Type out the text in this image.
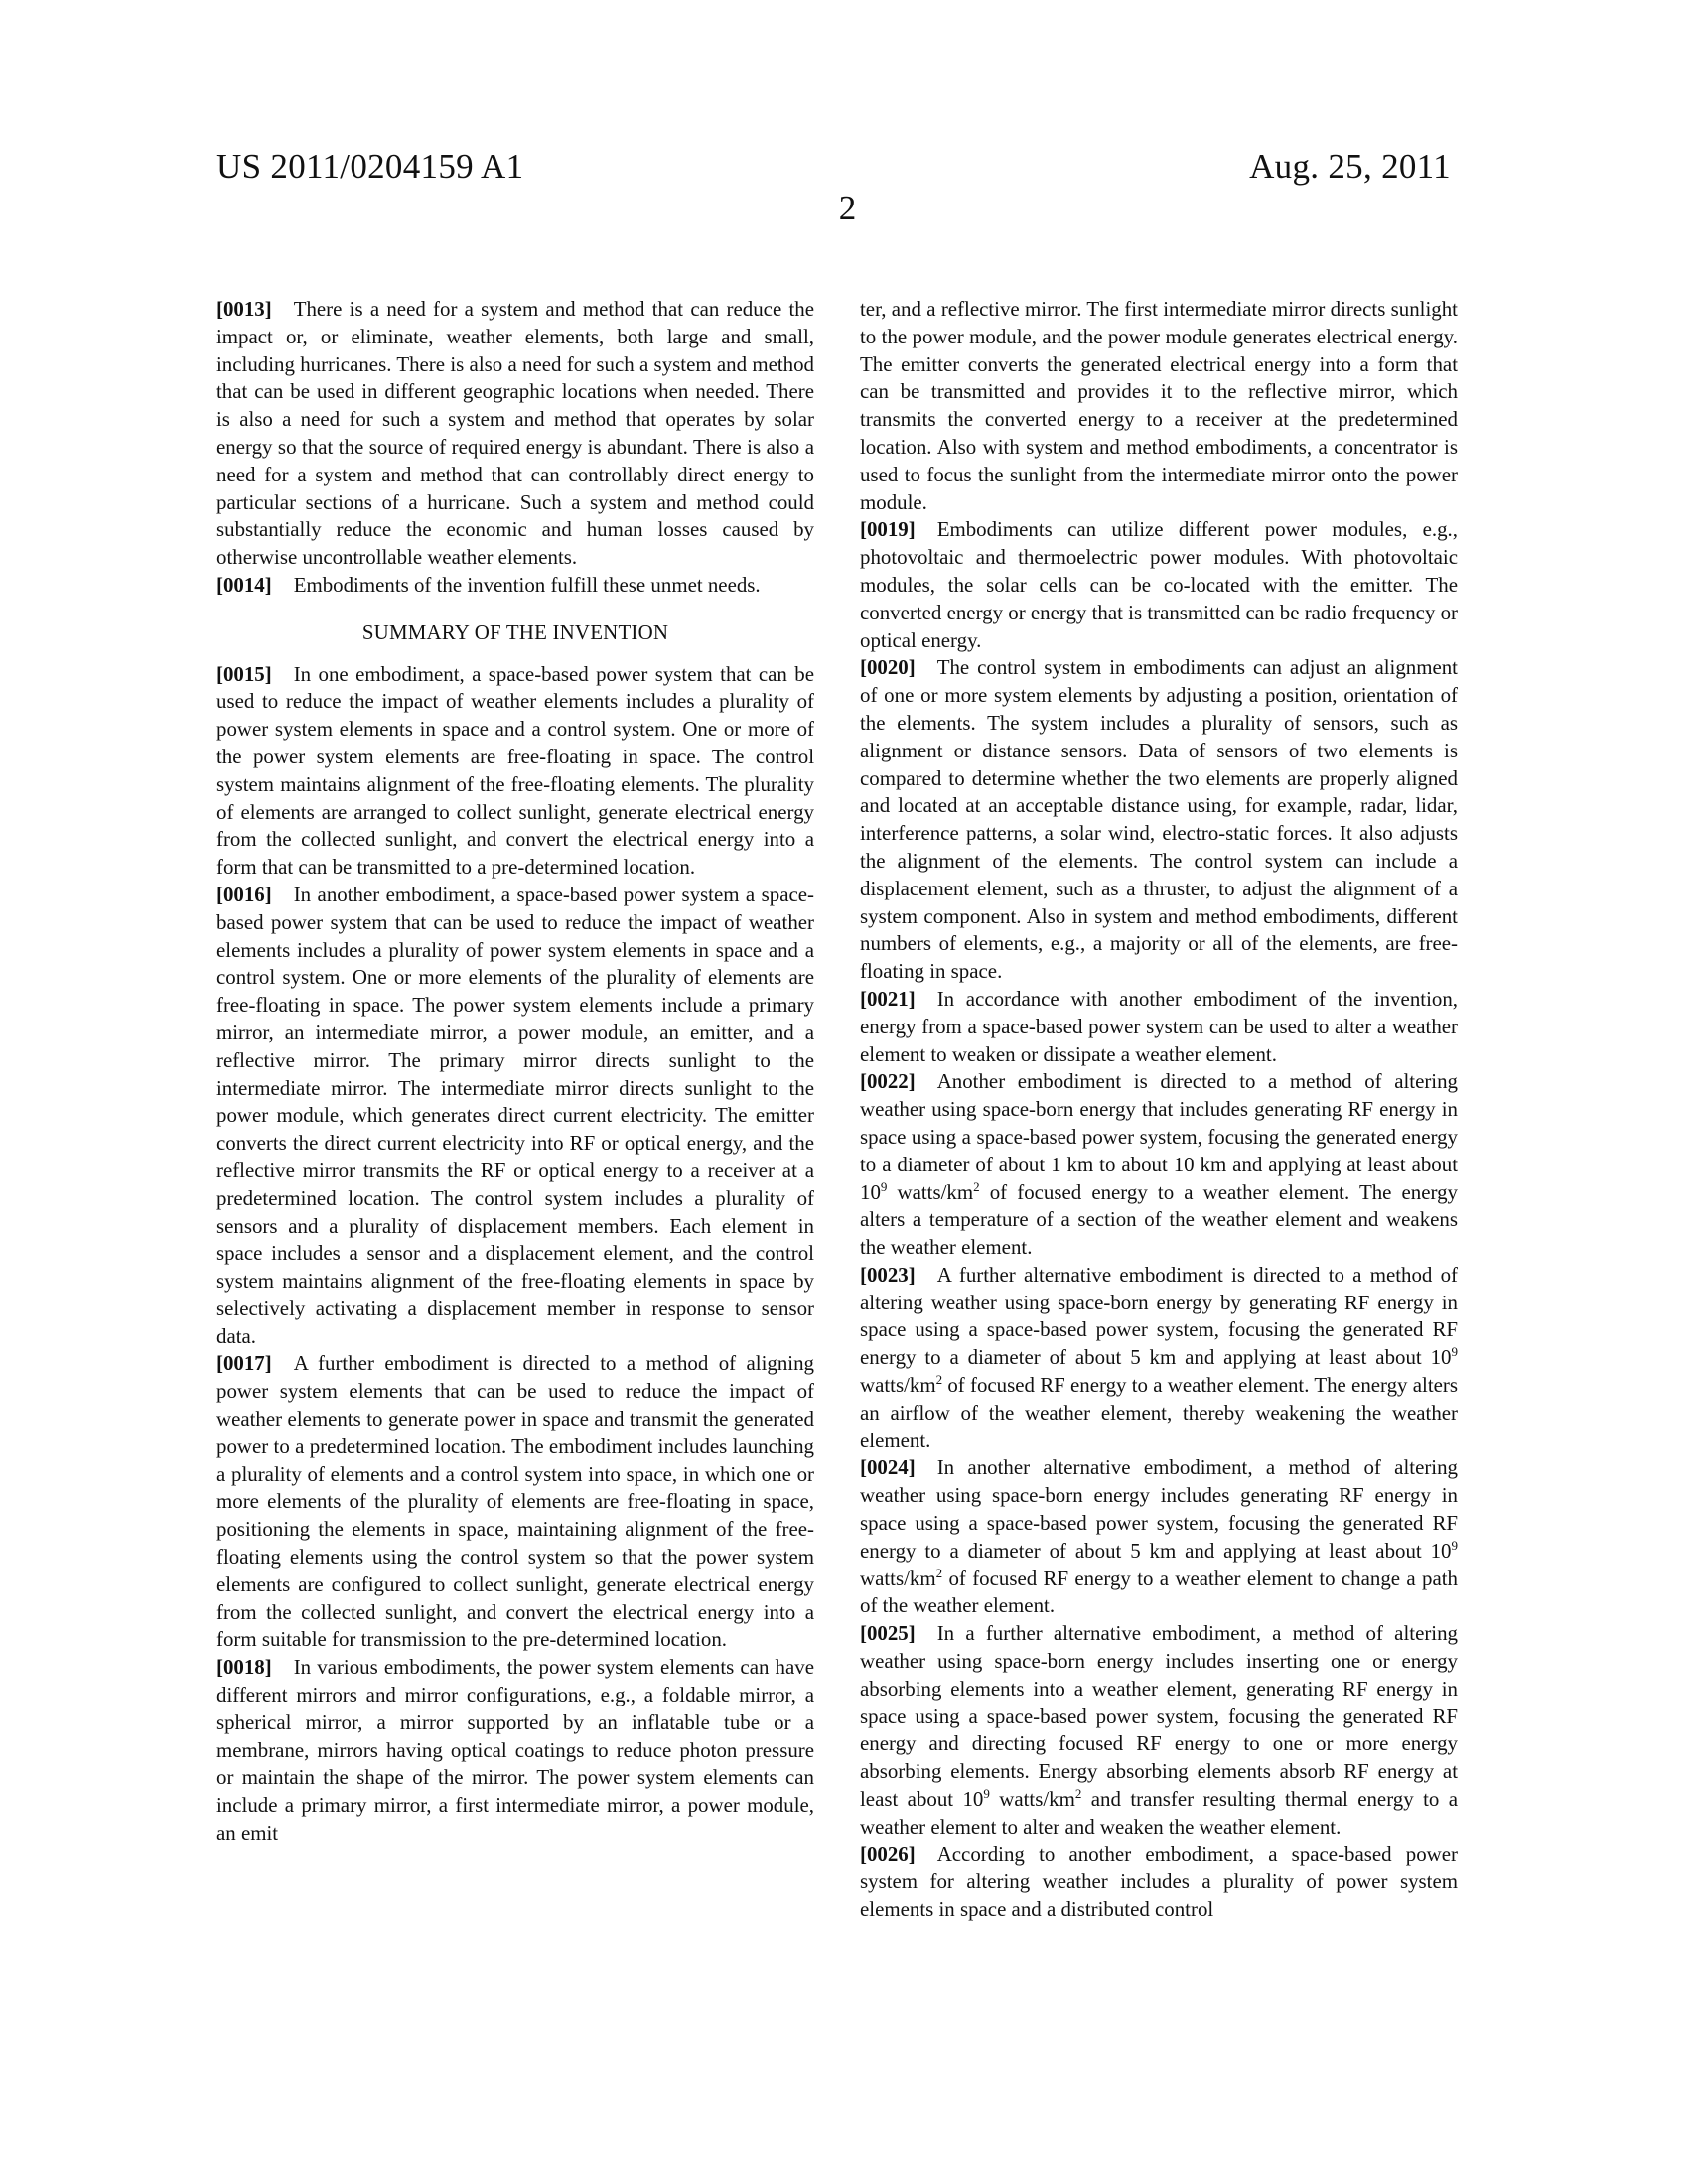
US 2011/0204159 A1	Aug. 25, 2011
2

[0013] There is a need for a system and method that can reduce the impact or, or eliminate, weather elements, both large and small, including hurricanes. There is also a need for such a system and method that can be used in different geographic locations when needed. There is also a need for such a system and method that operates by solar energy so that the source of required energy is abundant. There is also a need for a system and method that can controllably direct energy to particular sections of a hurricane. Such a system and method could substantially reduce the economic and human losses caused by otherwise uncontrollable weather elements.

[0014] Embodiments of the invention fulfill these unmet needs.

SUMMARY OF THE INVENTION

[0015] In one embodiment, a space-based power system that can be used to reduce the impact of weather elements includes a plurality of power system elements in space and a control system. One or more of the power system elements are free-floating in space. The control system maintains alignment of the free-floating elements. The plurality of elements are arranged to collect sunlight, generate electrical energy from the collected sunlight, and convert the electrical energy into a form that can be transmitted to a pre-determined location.

[0016] In another embodiment, a space-based power system a space-based power system that can be used to reduce the impact of weather elements includes a plurality of power system elements in space and a control system. One or more elements of the plurality of elements are free-floating in space. The power system elements include a primary mirror, an intermediate mirror, a power module, an emitter, and a reflective mirror. The primary mirror directs sunlight to the intermediate mirror. The intermediate mirror directs sunlight to the power module, which generates direct current electricity. The emitter converts the direct current electricity into RF or optical energy, and the reflective mirror transmits the RF or optical energy to a receiver at a predetermined location. The control system includes a plurality of sensors and a plurality of displacement members. Each element in space includes a sensor and a displacement element, and the control system maintains alignment of the free-floating elements in space by selectively activating a displacement member in response to sensor data.

[0017] A further embodiment is directed to a method of aligning power system elements that can be used to reduce the impact of weather elements to generate power in space and transmit the generated power to a predetermined location. The embodiment includes launching a plurality of elements and a control system into space, in which one or more elements of the plurality of elements are free-floating in space, positioning the elements in space, maintaining alignment of the free-floating elements using the control system so that the power system elements are configured to collect sunlight, generate electrical energy from the collected sunlight, and convert the electrical energy into a form suitable for transmission to the pre-determined location.

[0018] In various embodiments, the power system elements can have different mirrors and mirror configurations, e.g., a foldable mirror, a spherical mirror, a mirror supported by an inflatable tube or a membrane, mirrors having optical coatings to reduce photon pressure or maintain the shape of the mirror. The power system elements can include a primary mirror, a first intermediate mirror, a power module, an emit

ter, and a reflective mirror. The first intermediate mirror directs sunlight to the power module, and the power module generates electrical energy. The emitter converts the generated electrical energy into a form that can be transmitted and provides it to the reflective mirror, which transmits the converted energy to a receiver at the predetermined location. Also with system and method embodiments, a concentrator is used to focus the sunlight from the intermediate mirror onto the power module.

[0019] Embodiments can utilize different power modules, e.g., photovoltaic and thermoelectric power modules. With photovoltaic modules, the solar cells can be co-located with the emitter. The converted energy or energy that is transmitted can be radio frequency or optical energy.

[0020] The control system in embodiments can adjust an alignment of one or more system elements by adjusting a position, orientation of the elements. The system includes a plurality of sensors, such as alignment or distance sensors. Data of sensors of two elements is compared to determine whether the two elements are properly aligned and located at an acceptable distance using, for example, radar, lidar, interference patterns, a solar wind, electro-static forces. It also adjusts the alignment of the elements. The control system can include a displacement element, such as a thruster, to adjust the alignment of a system component. Also in system and method embodiments, different numbers of elements, e.g., a majority or all of the elements, are free-floating in space.

[0021] In accordance with another embodiment of the invention, energy from a space-based power system can be used to alter a weather element to weaken or dissipate a weather element.

[0022] Another embodiment is directed to a method of altering weather using space-born energy that includes generating RF energy in space using a space-based power system, focusing the generated energy to a diameter of about 1 km to about 10 km and applying at least about $10^9$ watts/$km^2$ of focused energy to a weather element. The energy alters a temperature of a section of the weather element and weakens the weather element.

[0023] A further alternative embodiment is directed to a method of altering weather using space-born energy by generating RF energy in space using a space-based power system, focusing the generated RF energy to a diameter of about 5 km and applying at least about $10^9$ watts/$km^2$ of focused RF energy to a weather element. The energy alters an airflow of the weather element, thereby weakening the weather element.

[0024] In another alternative embodiment, a method of altering weather using space-born energy includes generating RF energy in space using a space-based power system, focusing the generated RF energy to a diameter of about 5 km and applying at least about $10^9$ watts/$km^2$ of focused RF energy to a weather element to change a path of the weather element.

[0025] In a further alternative embodiment, a method of altering weather using space-born energy includes inserting one or energy absorbing elements into a weather element, generating RF energy in space using a space-based power system, focusing the generated RF energy and directing focused RF energy to one or more energy absorbing elements. Energy absorbing elements absorb RF energy at least about $10^9$ watts/$km^2$ and transfer resulting thermal energy to a weather element to alter and weaken the weather element.

[0026] According to another embodiment, a space-based power system for altering weather includes a plurality of power system elements in space and a distributed control
